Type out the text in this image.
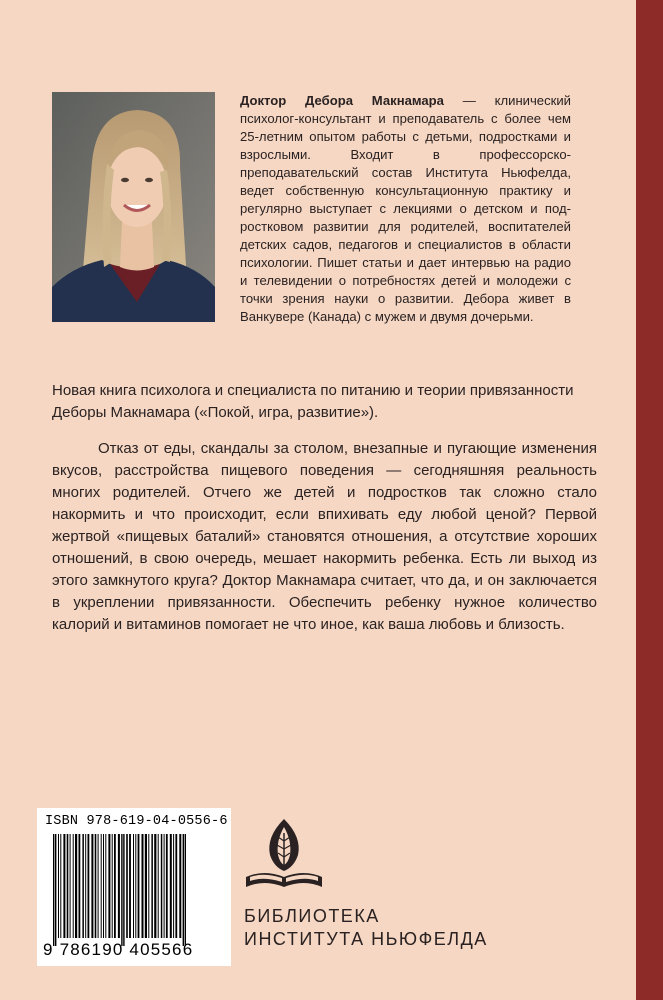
Доктор Дебора Макнамара — клинический психолог-консультант и преподаватель с более чем 25-летним опытом работы с детьми, подростками и взрослыми. Входит в профессорско-преподавательский состав Института Ньюфелда, ведет собственную консультационную практику и регулярно выступает с лекциями о детском и подростковом развитии для родителей, воспитателей детских садов, педагогов и специалистов в области психологии. Пишет статьи и дает интервью на радио и телевидении о потребностях детей и молодежи с точки зрения науки о развитии. Дебора живет в Ванкувере (Канада) с мужем и двумя дочерьми.

Новая книга психолога и специалиста по питанию и теории привязанности Деборы Макнамара («Покой, игра, развитие»).

Отказ от еды, скандалы за столом, внезапные и пугающие изменения вкусов, расстройства пищевого поведения — сегодняшняя реальность многих родителей. Отчего же детей и подростков так сложно стало накормить и что происходит, если впихивать еду любой ценой? Первой жертвой «пищевых баталий» становятся отношения, а отсутствие хороших отношений, в свою очередь, мешает накормить ребенка. Есть ли выход из этого замкнутого круга? Доктор Макнамара считает, что да, и он заключается в укреплении привязанности. Обеспечить ребенку нужное количество калорий и витаминов помогает не что иное, как ваша любовь и близость.

ISBN 978-619-04-0556-6
9 786190 405566
БИБЛИОТЕКА
ИНСТИТУТА НЬЮФЕЛДА
